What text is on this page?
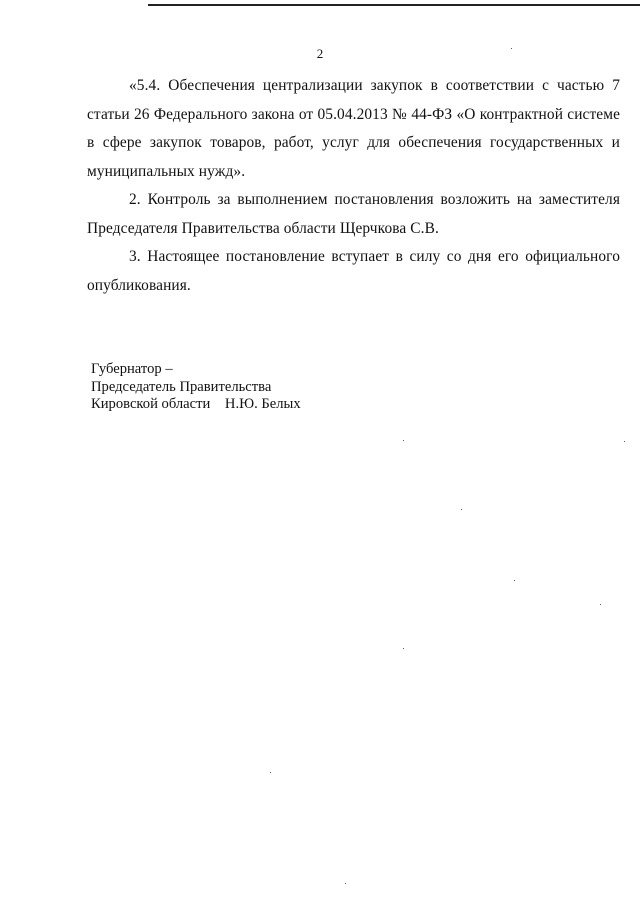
2

«5.4. Обеспечения централизации закупок в соответствии с частью 7 статьи 26 Федерального закона от 05.04.2013 № 44-ФЗ «О контрактной системе в сфере закупок товаров, работ, услуг для обеспечения государственных и муниципальных нужд».

2. Контроль за выполнением постановления возложить на заместителя Председателя Правительства области Щерчкова С.В.

3. Настоящее постановление вступает в силу со дня его официального опубликования.

Губернатор –
Председатель Правительства
Кировской области Н.Ю. Белых
